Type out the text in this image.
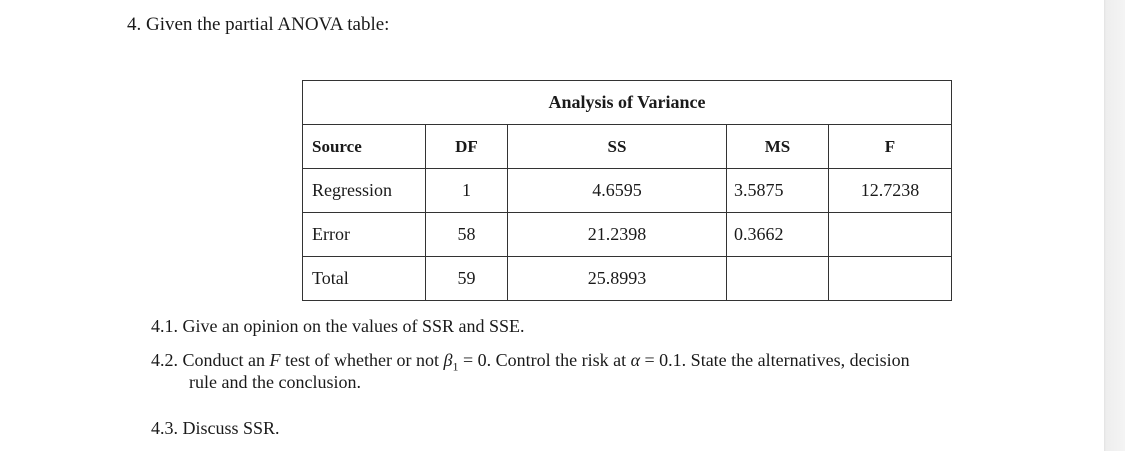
4. Given the partial ANOVA table:
Analysis of Variance				
Source	DF	SS	MS	F
Regression	1	4.6595	3.5875	12.7238
Error	58	21.2398	0.3662	
Total	59	25.8993		
4.1. Give an opinion on the values of SSR and SSE.
4.2. Conduct an F test of whether or not $\beta_1 = 0$. Control the risk at α = 0.1. State the alternatives, decision
rule and the conclusion.
4.3. Discuss SSR.
